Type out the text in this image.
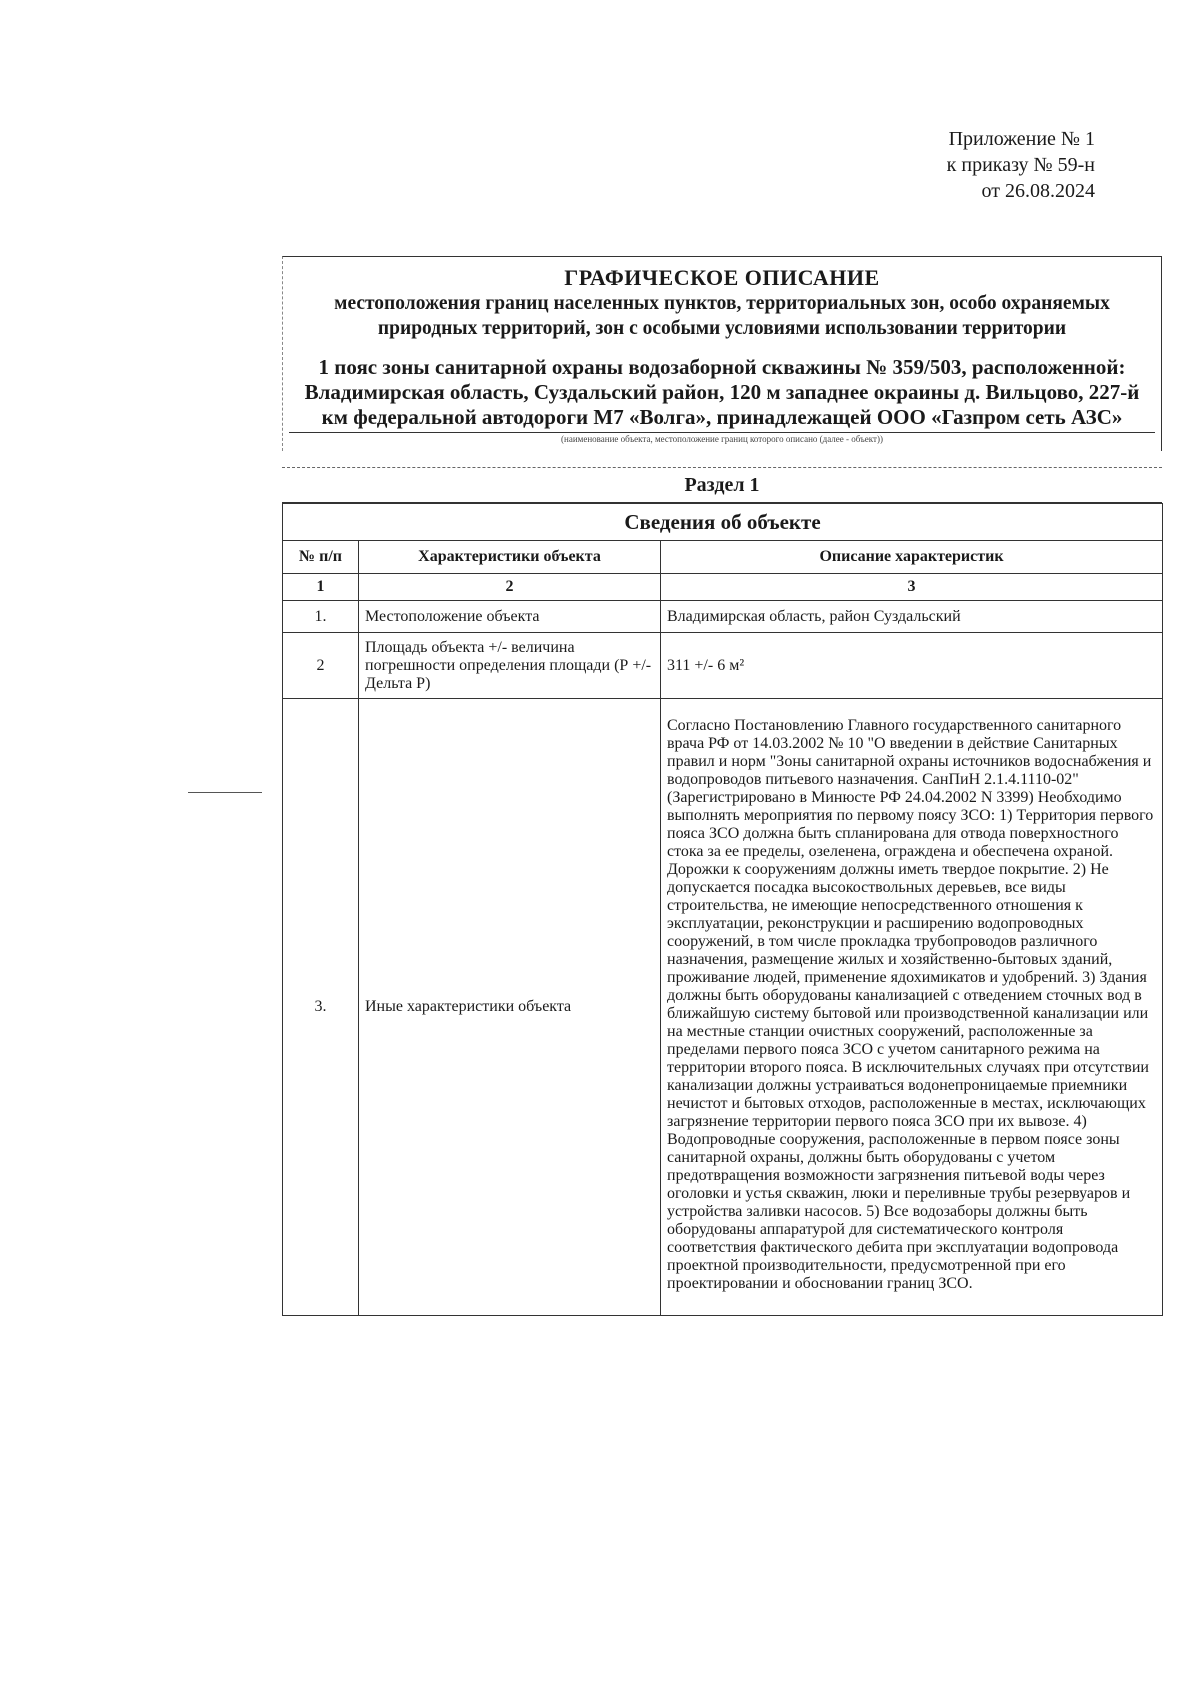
Приложение № 1
к приказу № 59-н
от 26.08.2024
ГРАФИЧЕСКОЕ ОПИСАНИЕ
местоположения границ населенных пунктов, территориальных зон, особо охраняемых природных территорий, зон с особыми условиями использовании территории
1 пояс зоны санитарной охраны водозаборной скважины № 359/503, расположенной: Владимирская область, Суздальский район, 120 м западнее окраины д. Вильцово, 227-й км федеральной автодороги М7 «Волга», принадлежащей ООО «Газпром сеть АЗС»
(наименование объекта, местоположение границ которого описано (далее - объект))
Раздел 1
Сведения об объекте		
№ п/п	Характеристики объекта	Описание характеристик
1	2	3
1.	Местоположение объекта	Владимирская область, район Суздальский
2	Площадь объекта +/- величина погрешности определения площади (Р +/- Дельта Р)	311 +/- 6 м²
3.	Иные характеристики объекта	Согласно Постановлению Главного государственного санитарного врача РФ от 14.03.2002 № 10 "О введении в действие Санитарных правил и норм "Зоны санитарной охраны источников водоснабжения и водопроводов питьевого назначения. СанПиН 2.1.4.1110-02" (Зарегистрировано в Минюсте РФ 24.04.2002 N 3399) Необходимо выполнять мероприятия по первому поясу ЗСО: 1) Территория первого пояса ЗСО должна быть спланирована для отвода поверхностного стока за ее пределы, озеленена, ограждена и обеспечена охраной. Дорожки к сооружениям должны иметь твердое покрытие. 2) Не допускается посадка высокоствольных деревьев, все виды строительства, не имеющие непосредственного отношения к эксплуатации, реконструкции и расширению водопроводных сооружений, в том числе прокладка трубопроводов различного назначения, размещение жилых и хозяйственно-бытовых зданий, проживание людей, применение ядохимикатов и удобрений. 3) Здания должны быть оборудованы канализацией с отведением сточных вод в ближайшую систему бытовой или производственной канализации или на местные станции очистных сооружений, расположенные за пределами первого пояса ЗСО с учетом санитарного режима на территории второго пояса. В исключительных случаях при отсутствии канализации должны устраиваться водонепроницаемые приемники нечистот и бытовых отходов, расположенные в местах, исключающих загрязнение территории первого пояса ЗСО при их вывозе. 4) Водопроводные сооружения, расположенные в первом поясе зоны санитарной охраны, должны быть оборудованы с учетом предотвращения возможности загрязнения питьевой воды через оголовки и устья скважин, люки и переливные трубы резервуаров и устройства заливки насосов. 5) Все водозаборы должны быть оборудованы аппаратурой для систематического контроля соответствия фактического дебита при эксплуатации водопровода проектной производительности, предусмотренной при его проектировании и обосновании границ ЗСО.
